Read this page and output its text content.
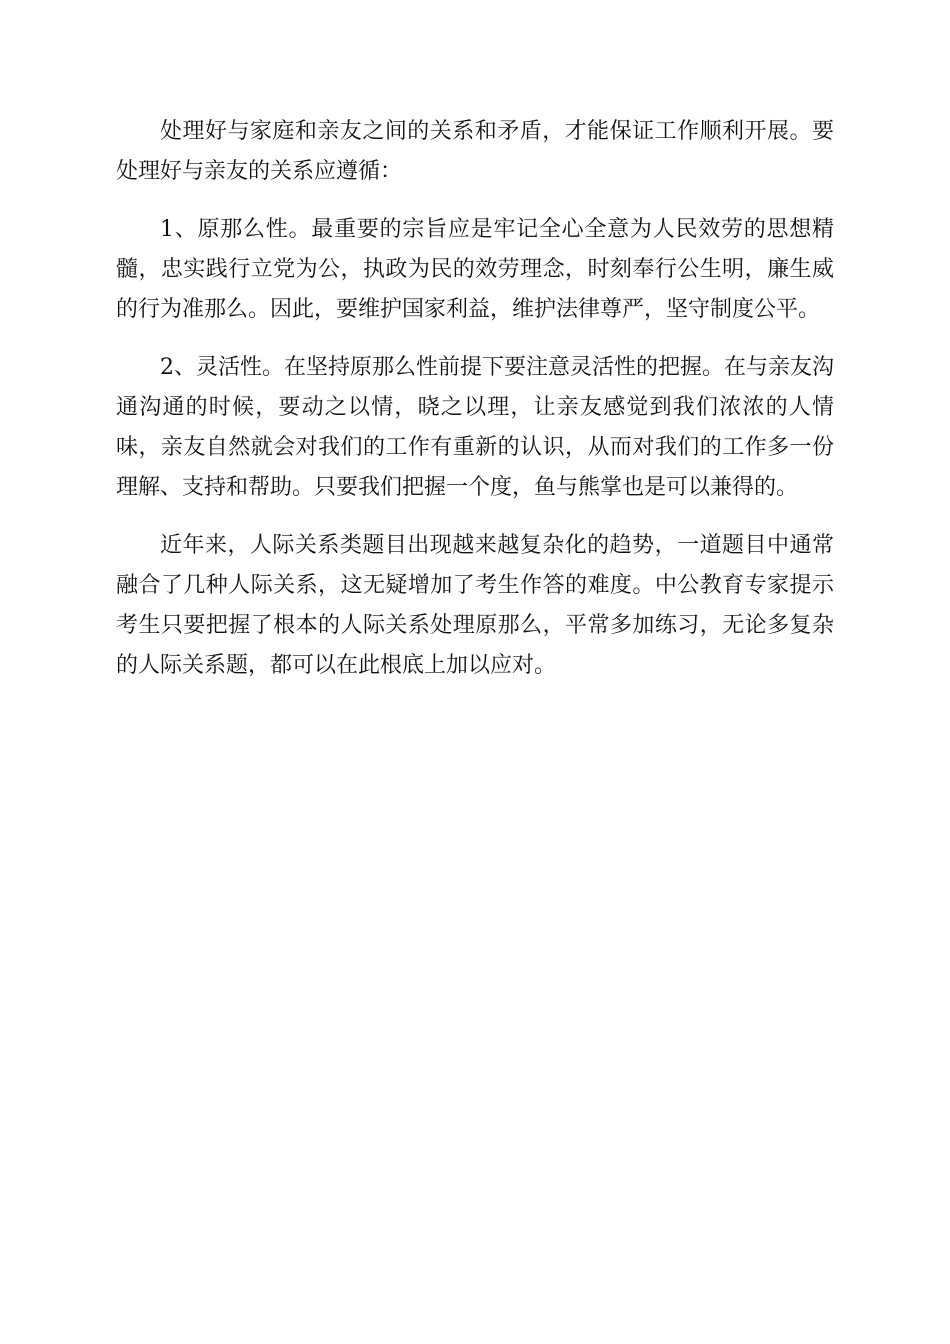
处理好与家庭和亲友之间的关系和矛盾，才能保证工作顺利开展。要处理好与亲友的关系应遵循：

1、原那么性。最重要的宗旨应是牢记全心全意为人民效劳的思想精髓，忠实践行立党为公，执政为民的效劳理念，时刻奉行公生明，廉生威的行为准那么。因此，要维护国家利益，维护法律尊严，坚守制度公平。

2、灵活性。在坚持原那么性前提下要注意灵活性的把握。在与亲友沟通沟通的时候，要动之以情，晓之以理，让亲友感觉到我们浓浓的人情味，亲友自然就会对我们的工作有重新的认识，从而对我们的工作多一份理解、支持和帮助。只要我们把握一个度，鱼与熊掌也是可以兼得的。

近年来，人际关系类题目出现越来越复杂化的趋势，一道题目中通常融合了几种人际关系，这无疑增加了考生作答的难度。中公教育专家提示考生只要把握了根本的人际关系处理原那么，平常多加练习，无论多复杂的人际关系题，都可以在此根底上加以应对。
